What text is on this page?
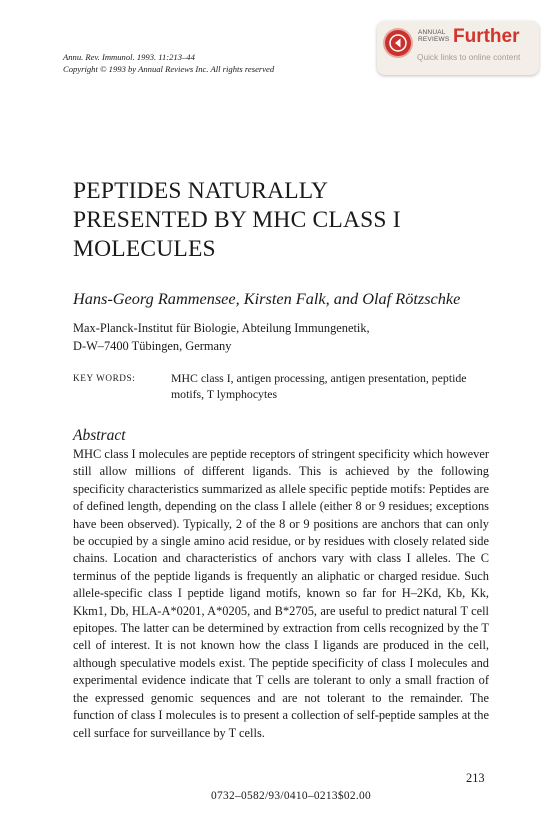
Annu. Rev. Immunol. 1993. 11:213–44
Copyright © 1993 by Annual Reviews Inc. All rights reserved
ANNUAL
REVIEWS Further
Quick links to online content
PEPTIDES NATURALLY
PRESENTED BY MHC CLASS I
MOLECULES
Hans-Georg Rammensee, Kirsten Falk, and Olaf Rötzschke
Max-Planck-Institut für Biologie, Abteilung Immungenetik,
D-W–7400 Tübingen, Germany
KEY WORDS:	MHC class I, antigen processing, antigen presentation, peptide motifs, T lymphocytes
Abstract

MHC class I molecules are peptide receptors of stringent specificity which however still allow millions of different ligands. This is achieved by the following specificity characteristics summarized as allele specific peptide motifs: Peptides are of defined length, depending on the class I allele (either 8 or 9 residues; exceptions have been observed). Typically, 2 of the 8 or 9 positions are anchors that can only be occupied by a single amino acid residue, or by residues with closely related side chains. Location and characteristics of anchors vary with class I alleles. The C terminus of the peptide ligands is frequently an aliphatic or charged residue. Such allele-specific class I peptide ligand motifs, known so far for H–2Kd, Kb, Kk, Kkm1, Db, HLA-A*0201, A*0205, and B*2705, are useful to predict natural T cell epitopes. The latter can be determined by extraction from cells recognized by the T cell of interest. It is not known how the class I ligands are produced in the cell, although speculative models exist. The peptide specificity of class I molecules and experimental evidence indicate that T cells are tolerant to only a small fraction of the expressed genomic sequences and are not tolerant to the remainder. The function of class I molecules is to present a collection of self-peptide samples at the cell surface for surveillance by T cells.

213
0732–0582/93/0410–0213$02.00
